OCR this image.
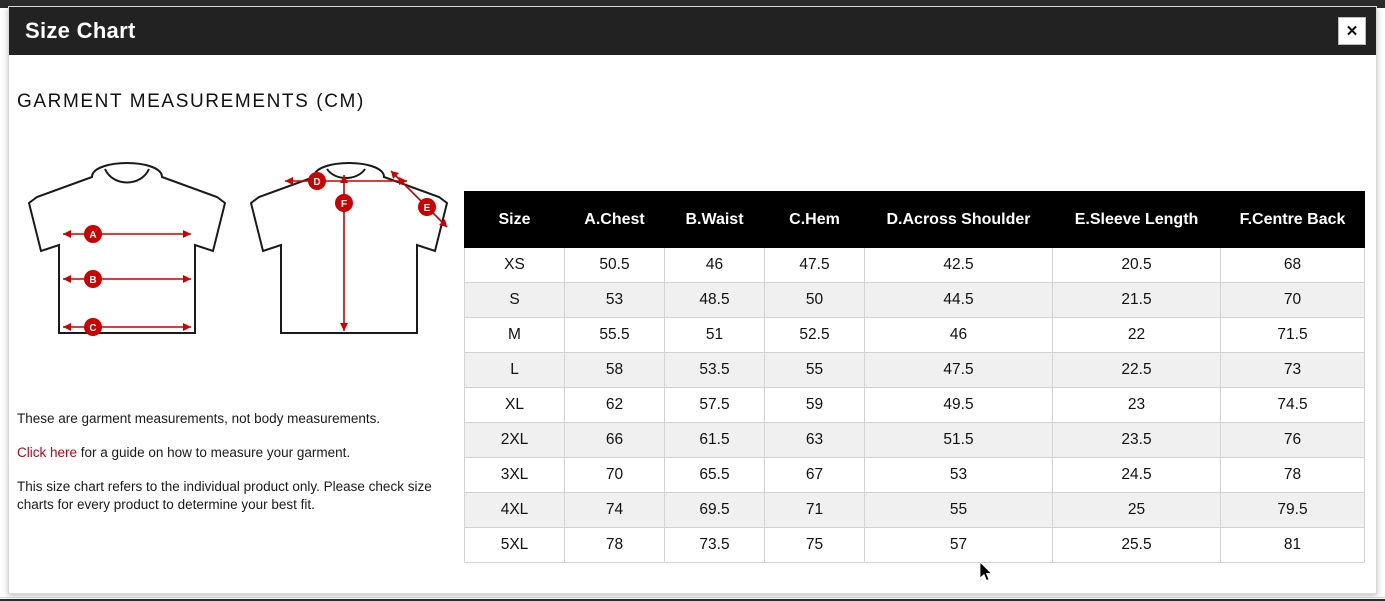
Size Chart	✕
GARMENT MEASUREMENTS (CM)
A
B
C
D
E
F

These are garment measurements, not body measurements.

Click here for a guide on how to measure your garment.

This size chart refers to the individual product only. Please check size charts for every product to determine your best fit.

Size	A.Chest	B.Waist	C.Hem	D.Across Shoulder	E.Sleeve Length	F.Centre Back
XS	50.5	46	47.5	42.5	20.5	68
S	53	48.5	50	44.5	21.5	70
M	55.5	51	52.5	46	22	71.5
L	58	53.5	55	47.5	22.5	73
XL	62	57.5	59	49.5	23	74.5
2XL	66	61.5	63	51.5	23.5	76
3XL	70	65.5	67	53	24.5	78
4XL	74	69.5	71	55	25	79.5
5XL	78	73.5	75	57	25.5	81
